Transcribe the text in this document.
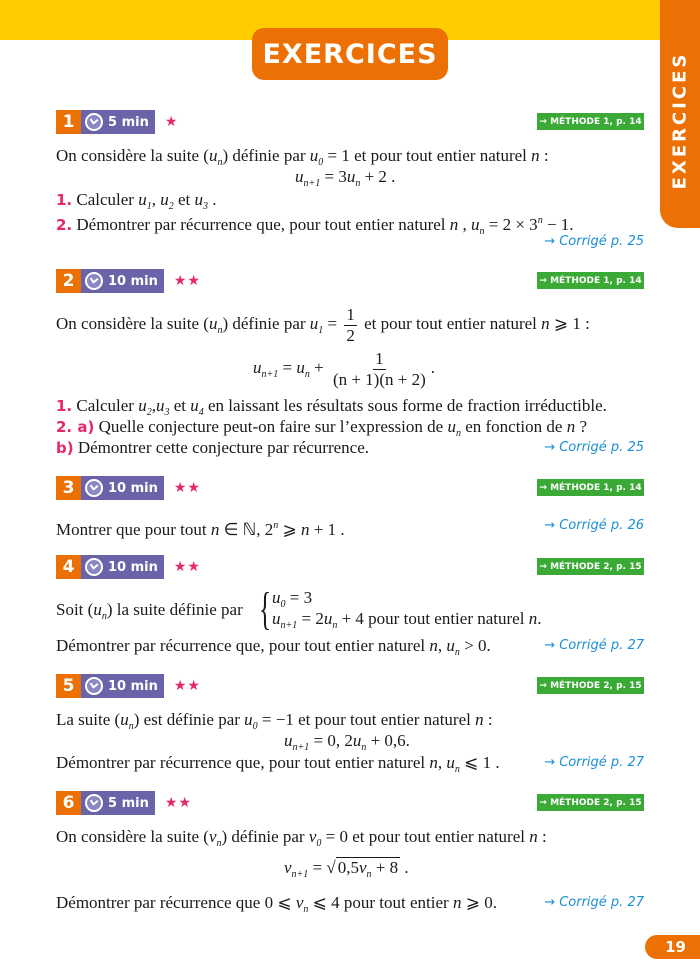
EXERCICES
EXERCICES
1	5 min ★	→ MÉTHODE 1, p. 14
On considère la suite $(u_n)$ définie par $u_0 = 1$ et pour tout entier naturel n :
$u_{n+1} = 3u_n + 2$ .
1. Calculer $u_1$, $u_2$ et $u_3$ .
2. Démontrer par récurrence que, pour tout entier naturel n , $u_n = 2 \times 3^n - 1$.
→ Corrigé p. 25
2	10 min ★★	→ MÉTHODE 1, p. 14
On considère la suite $(u_n)$ définie par $u_1 = \frac{1}{2}$ et pour tout entier naturel n ⩾ 1 :
$u_{n+1} = u_n + \frac{1}{(n + 1)(n + 2)}$ .
1. Calculer $u_2,u_3$ et $u_4$ en laissant les résultats sous forme de fraction irréductible.
2. a) Quelle conjecture peut-on faire sur l’expression de $u_n$ en fonction de n ?
b) Démontrer cette conjecture par récurrence.	→ Corrigé p. 25
3	10 min ★★	→ MÉTHODE 1, p. 14
Montrer que pour tout n ∈ ℕ, 2$^n$ ⩾ n + 1 .	→ Corrigé p. 26
4	10 min ★★	→ MÉTHODE 2, p. 15
Soit $(u_n)$ la suite définie par { $u_0 = 3$
$u_{n+1} = 2u_n + 4$ pour tout entier naturel n.
Démontrer par récurrence que, pour tout entier naturel n, $u_n > 0$.	→ Corrigé p. 27
5	10 min ★★	→ MÉTHODE 2, p. 15
La suite $(u_n)$ est définie par $u_0 = -1$ et pour tout entier naturel n :
$u_{n+1} = 0$, $2u_n + 0,6$.
Démontrer par récurrence que, pour tout entier naturel n, $u_n$ ⩽ 1 .	→ Corrigé p. 27
6	5 min ★★	→ MÉTHODE 2, p. 15
On considère la suite $(v_n)$ définie par $v_0 = 0$ et pour tout entier naturel n :
$v_{n+1}$ = √ $0,5v_n + 8$ .
Démontrer par récurrence que 0 ⩽ $v_n$ ⩽ 4 pour tout entier n ⩾ 0.	→ Corrigé p. 27
19
